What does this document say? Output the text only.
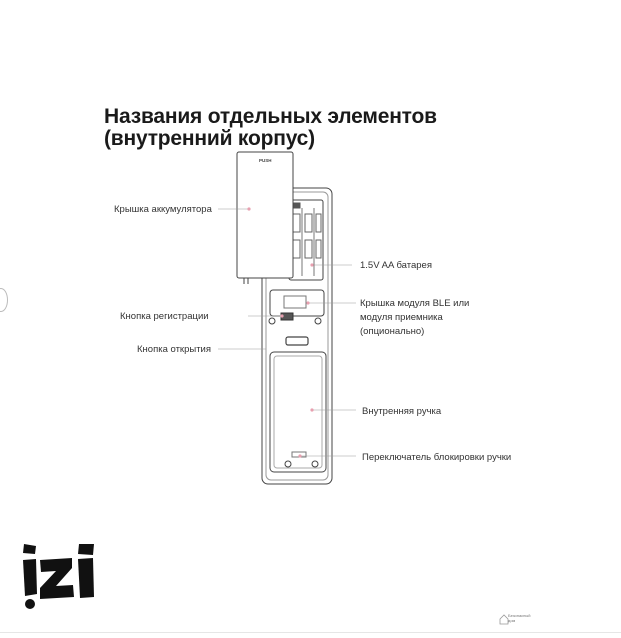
Названия отдельных элементов
(внутренний корпус)
PUSH
Крышка аккумулятора
1.5V AA батарея
Крышка модуля BLE или
модуля приемника
(опционально)
Кнопка регистрации
Кнопка открытия
Внутренняя ручка
Переключатель блокировки ручки
Безопасный
дом
